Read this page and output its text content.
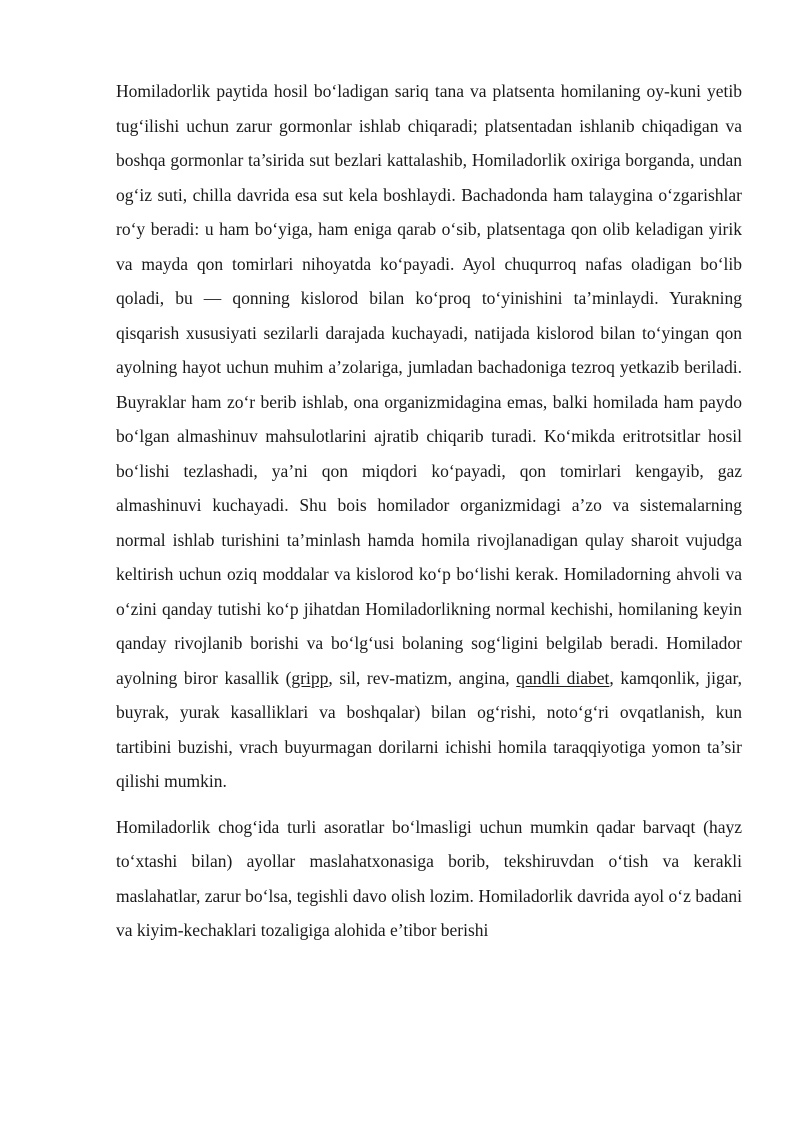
Homiladorlik paytida hosil bo‘ladigan sariq tana va platsenta homilaning oy-kuni yetib tug‘ilishi uchun zarur gormonlar ishlab chiqaradi; platsentadan ishlanib chiqadigan va boshqa gormonlar ta’sirida sut bezlari kattalashib, Homiladorlik oxiriga borganda, undan og‘iz suti, chilla davrida esa sut kela boshlaydi. Bachadonda ham talaygina o‘zgarishlar ro‘y beradi: u ham bo‘yiga, ham eniga qarab o‘sib, platsentaga qon olib keladigan yirik va mayda qon tomirlari nihoyatda ko‘payadi. Ayol chuqurroq nafas oladigan bo‘lib qoladi, bu — qonning kislorod bilan ko‘proq to‘yinishini ta’minlaydi. Yurakning qisqarish xususiyati sezilarli darajada kuchayadi, natijada kislorod bilan to‘yingan qon ayolning hayot uchun muhim a’zolariga, jumladan bachadoniga tezroq yetkazib beriladi. Buyraklar ham zo‘r berib ishlab, ona organizmidagina emas, balki homilada ham paydo bo‘lgan almashinuv mahsulotlarini ajratib chiqarib turadi. Ko‘mikda eritrotsitlar hosil bo‘lishi tezlashadi, ya’ni qon miqdori ko‘payadi, qon tomirlari kengayib, gaz almashinuvi kuchayadi. Shu bois homilador organizmidagi a’zo va sistemalarning normal ishlab turishini ta’minlash hamda homila rivojlanadigan qulay sharoit vujudga keltirish uchun oziq moddalar va kislorod ko‘p bo‘lishi kerak. Homiladorning ahvoli va o‘zini qanday tutishi ko‘p jihatdan Homiladorlikning normal kechishi, homilaning keyin qanday rivojlanib borishi va bo‘lg‘usi bolaning sog‘ligini belgilab beradi. Homilador ayolning biror kasallik (gripp, sil, rev-matizm, angina, qandli diabet, kamqonlik, jigar, buyrak, yurak kasalliklari va boshqalar) bilan og‘rishi, noto‘g‘ri ovqatlanish, kun tartibini buzishi, vrach buyurmagan dorilarni ichishi homila taraqqiyotiga yomon ta’sir qilishi mumkin.

Homiladorlik chog‘ida turli asoratlar bo‘lmasligi uchun mumkin qadar barvaqt (hayz to‘xtashi bilan) ayollar maslahatxonasiga borib, tekshiruvdan o‘tish va kerakli maslahatlar, zarur bo‘lsa, tegishli davo olish lozim. Homiladorlik davrida ayol o‘z badani va kiyim-kechaklari tozaligiga alohida e’tibor berishi
